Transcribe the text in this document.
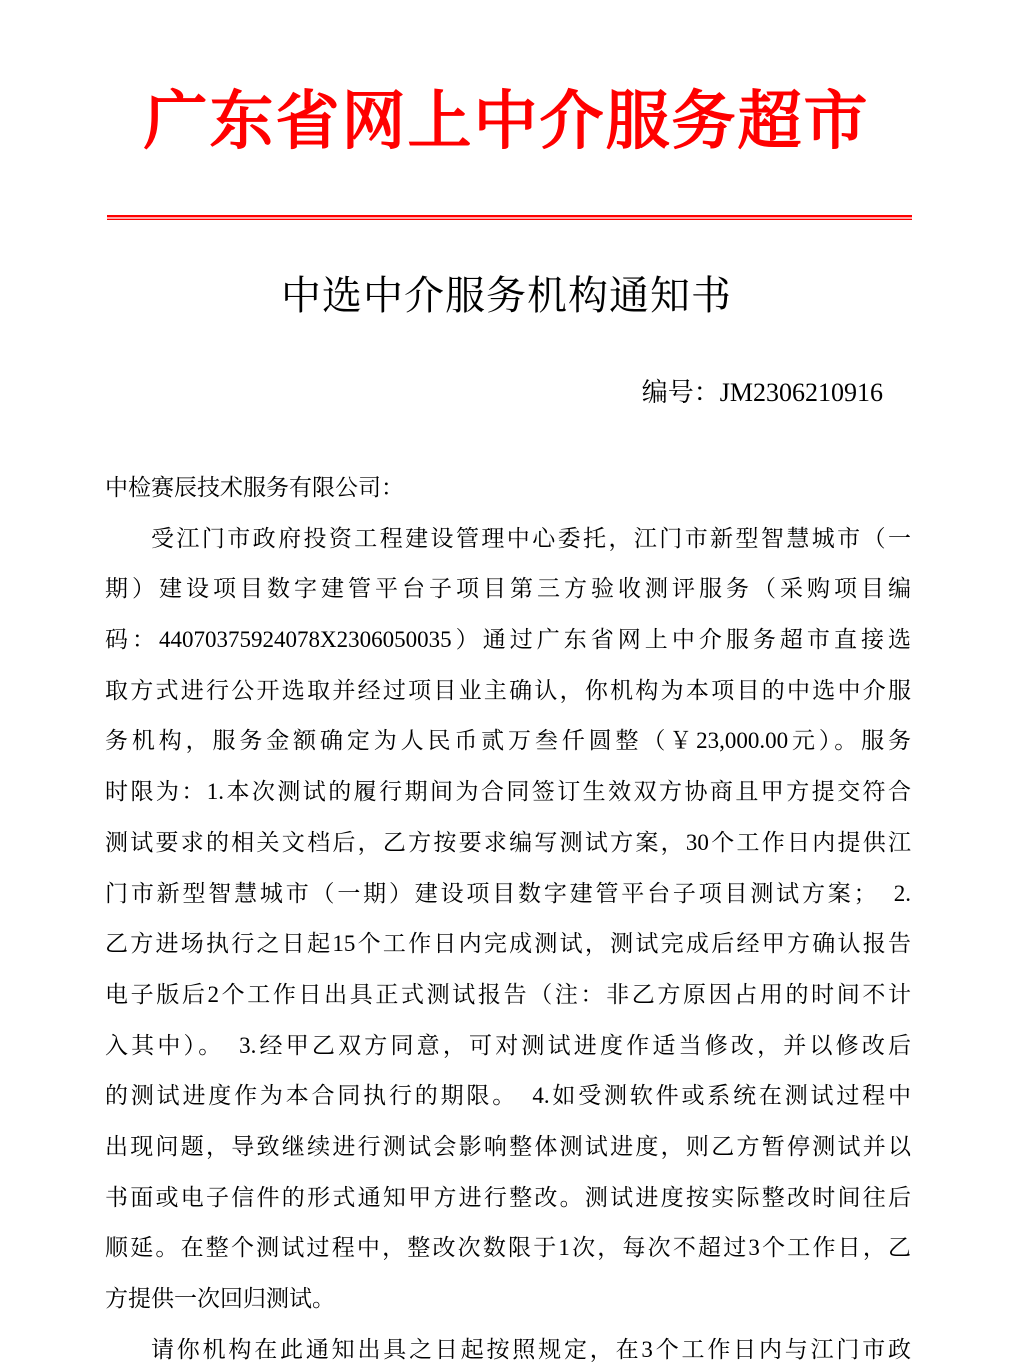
广东省网上中介服务超市
中选中介服务机构通知书
编号：JM2306210916
中检赛辰技术服务有限公司：
受江门市政府投资工程建设管理中心委托，江门市新型智慧城市（一
期）建设项目数字建管平台子项目第三方验收测评服务（采购项目编
码：44070375924078X2306050035）通过广东省网上中介服务超市直接选
取方式进行公开选取并经过项目业主确认，你机构为本项目的中选中介服
务机构，服务金额确定为人民币贰万叁仟圆整（￥23,000.00元）。服务
时限为：1.本次测试的履行期间为合同签订生效双方协商且甲方提交符合
测试要求的相关文档后，乙方按要求编写测试方案，30个工作日内提供江
门市新型智慧城市（一期）建设项目数字建管平台子项目测试方案；　2.
乙方进场执行之日起15个工作日内完成测试，测试完成后经甲方确认报告
电子版后2个工作日出具正式测试报告（注：非乙方原因占用的时间不计
入其中）。　3.经甲乙双方同意，可对测试进度作适当修改，并以修改后
的测试进度作为本合同执行的期限。　4.如受测软件或系统在测试过程中
出现问题，导致继续进行测试会影响整体测试进度，则乙方暂停测试并以
书面或电子信件的形式通知甲方进行整改。测试进度按实际整改时间往后
顺延。在整个测试过程中，整改次数限于1次，每次不超过3个工作日，乙
方提供一次回归测试。
请你机构在此通知出具之日起按照规定，在3个工作日内与江门市政
